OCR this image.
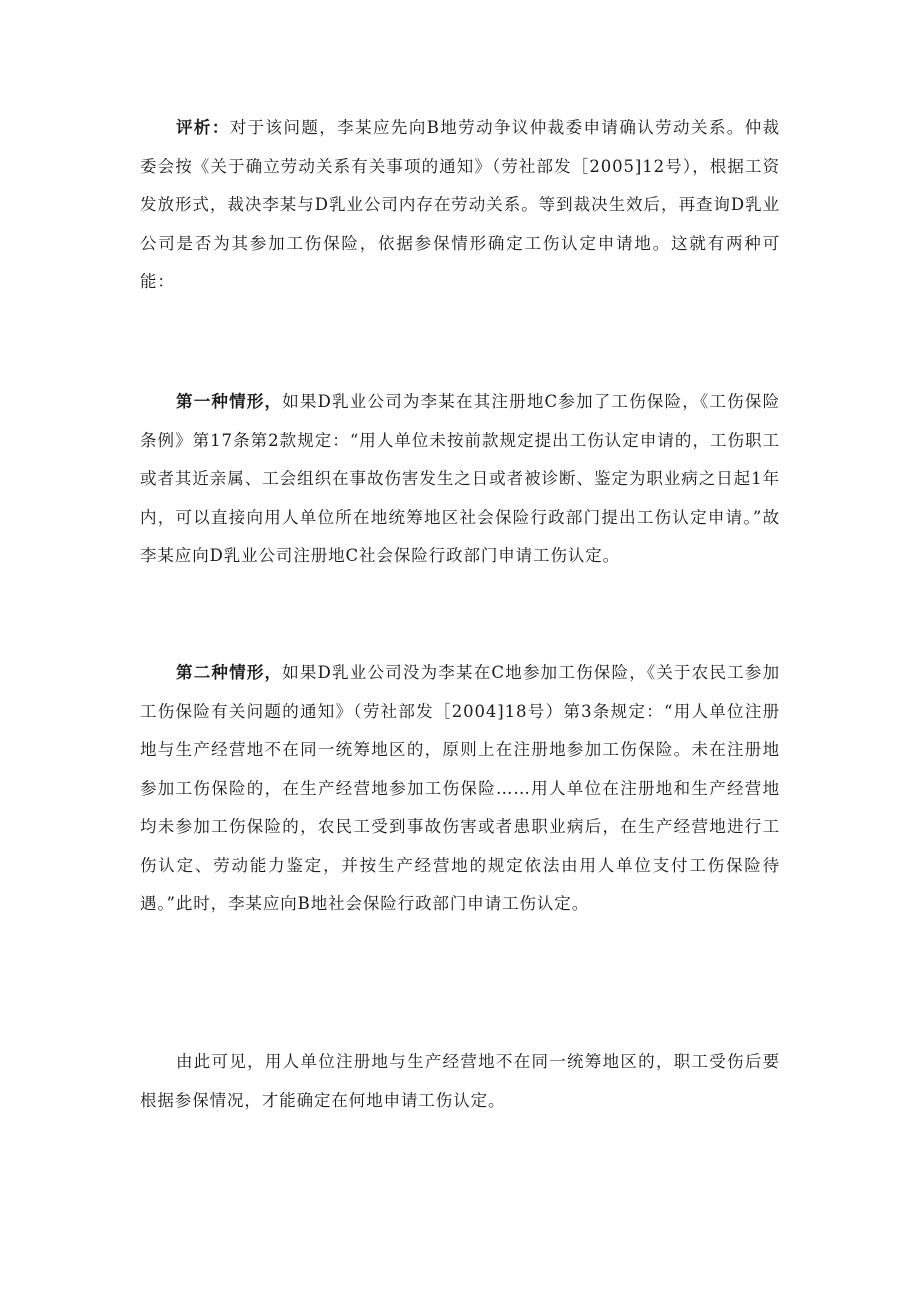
评析：对于该问题，李某应先向B地劳动争议仲裁委申请确认劳动关系。仲裁委会按《关于确立劳动关系有关事项的通知》（劳社部发［2005]12号），根据工资发放形式，裁决李某与D乳业公司内存在劳动关系。等到裁决生效后，再查询D乳业公司是否为其参加工伤保险，依据参保情形确定工伤认定申请地。这就有两种可能：

第一种情形，如果D乳业公司为李某在其注册地C参加了工伤保险，《工伤保险条例》第17条第2款规定：“用人单位未按前款规定提出工伤认定申请的，工伤职工或者其近亲属、工会组织在事故伤害发生之日或者被诊断、鉴定为职业病之日起1年内，可以直接向用人单位所在地统筹地区社会保险行政部门提出工伤认定申请。”故李某应向D乳业公司注册地C社会保险行政部门申请工伤认定。

第二种情形，如果D乳业公司没为李某在C地参加工伤保险，《关于农民工参加工伤保险有关问题的通知》（劳社部发［2004]18号）第3条规定：“用人单位注册地与生产经营地不在同一统筹地区的，原则上在注册地参加工伤保险。未在注册地参加工伤保险的，在生产经营地参加工伤保险……用人单位在注册地和生产经营地均未参加工伤保险的，农民工受到事故伤害或者患职业病后，在生产经营地进行工伤认定、劳动能力鉴定，并按生产经营地的规定依法由用人单位支付工伤保险待遇。”此时，李某应向B地社会保险行政部门申请工伤认定。

由此可见，用人单位注册地与生产经营地不在同一统筹地区的，职工受伤后要根据参保情况，才能确定在何地申请工伤认定。
